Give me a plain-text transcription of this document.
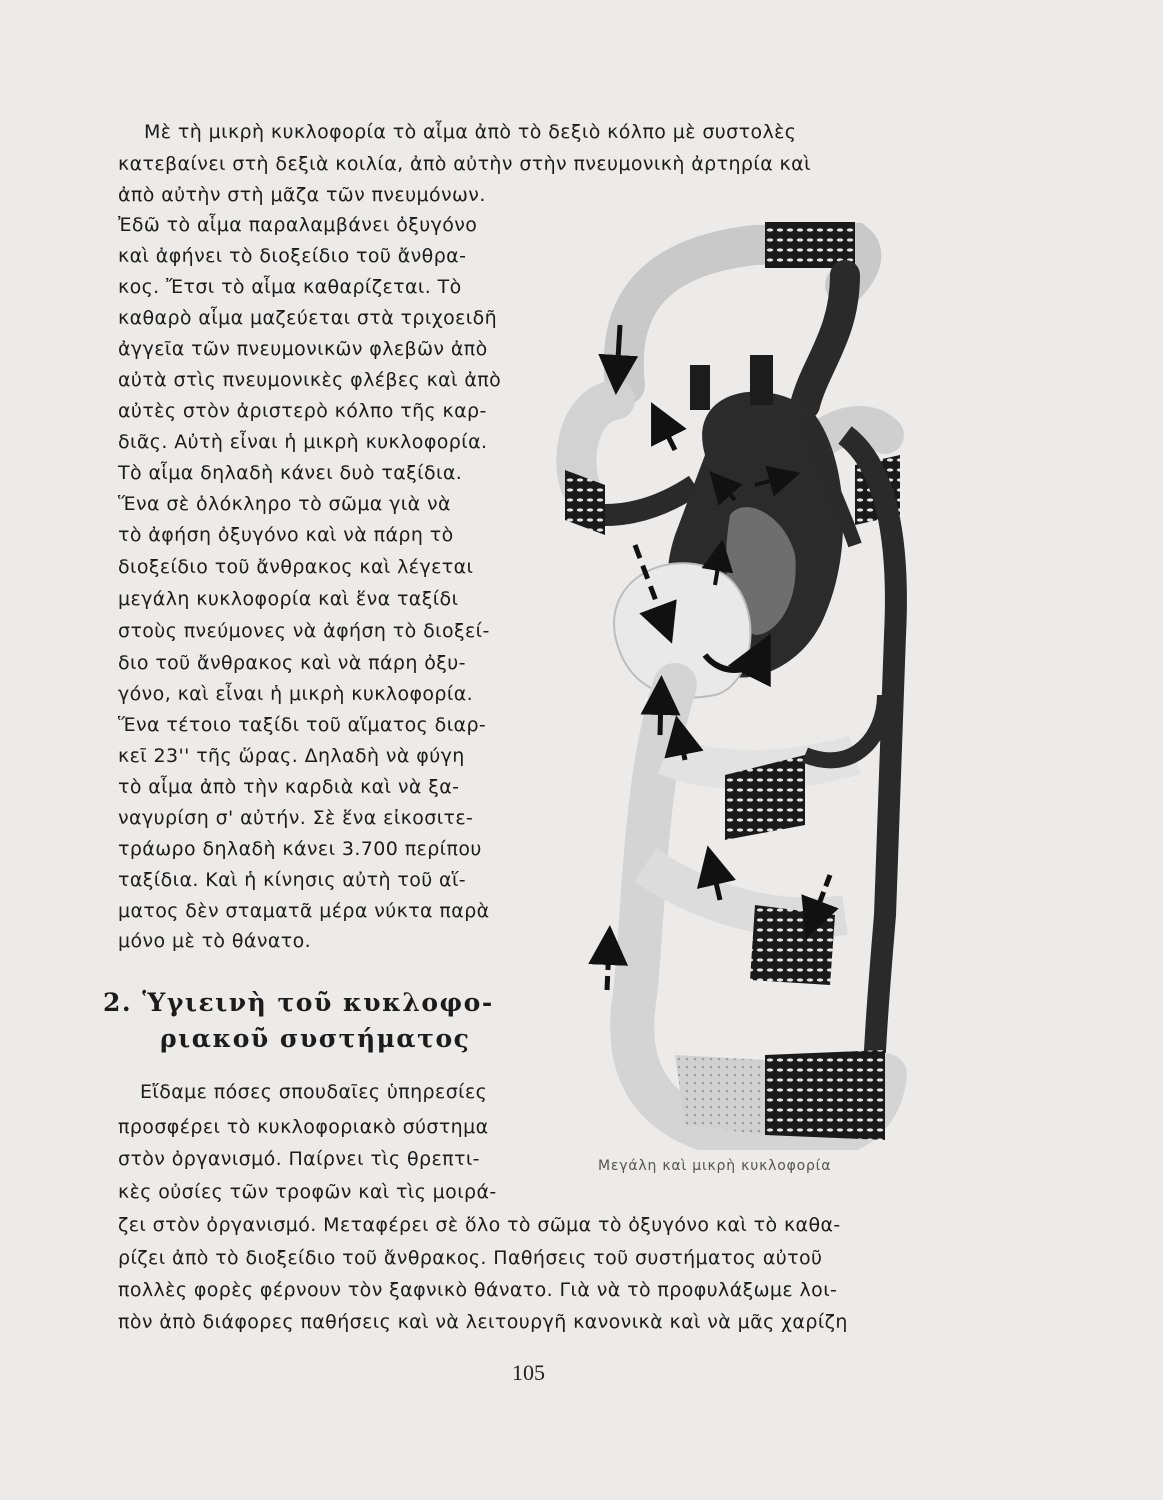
Μὲ τὴ μικρὴ κυκλοφορία τὸ αἷμα ἀπὸ τὸ δεξιὸ κόλπο μὲ συστολὲς
κατεβαίνει στὴ δεξιὰ κοιλία, ἀπὸ αὐτὴν στὴν πνευμονικὴ ἀρτηρία καὶ
ἀπὸ αὐτὴν στὴ μᾶζα τῶν πνευμόνων.
Ἐδῶ τὸ αἷμα παραλαμβάνει ὀξυγόνο
καὶ ἀφήνει τὸ διοξείδιο τοῦ ἄνθρα-
κος. Ἔτσι τὸ αἷμα καθαρίζεται. Τὸ
καθαρὸ αἷμα μαζεύεται στὰ τριχοειδῆ
ἀγγεῖα τῶν πνευμονικῶν φλεβῶν ἀπὸ
αὐτὰ στὶς πνευμονικὲς φλέβες καὶ ἀπὸ
αὐτὲς στὸν ἀριστερὸ κόλπο τῆς καρ-
διᾶς. Αὐτὴ εἶναι ἡ μικρὴ κυκλοφορία.
Τὸ αἷμα δηλαδὴ κάνει δυὸ ταξίδια.
Ἕνα σὲ ὁλόκληρο τὸ σῶμα γιὰ νὰ
τὸ ἀφήση ὀξυγόνο καὶ νὰ πάρη τὸ
διοξείδιο τοῦ ἄνθρακος καὶ λέγεται
μεγάλη κυκλοφορία καὶ ἕνα ταξίδι
στοὺς πνεύμονες νὰ ἀφήση τὸ διοξεί-
διο τοῦ ἄνθρακος καὶ νὰ πάρη ὀξυ-
γόνο, καὶ εἶναι ἡ μικρὴ κυκλοφορία.
Ἕνα τέτοιο ταξίδι τοῦ αἵματος διαρ-
κεῖ 23'' τῆς ὥρας. Δηλαδὴ νὰ φύγη
τὸ αἷμα ἀπὸ τὴν καρδιὰ καὶ νὰ ξα-
ναγυρίση σ' αὐτήν. Σὲ ἕνα εἰκοσιτε-
τράωρο δηλαδὴ κάνει 3.700 περίπου
ταξίδια. Καὶ ἡ κίνησις αὐτὴ τοῦ αἵ-
ματος δὲν σταματᾶ μέρα νύκτα παρὰ
μόνο μὲ τὸ θάνατο.
2. Ὑγιεινὴ τοῦ κυκλοφο-
ριακοῦ συστήματος
Εἴδαμε πόσες σπουδαῖες ὑπηρεσίες
προσφέρει τὸ κυκλοφοριακὸ σύστημα
στὸν ὀργανισμό. Παίρνει τὶς θρεπτι-
κὲς οὐσίες τῶν τροφῶν καὶ τὶς μοιρά-
ζει στὸν ὀργανισμό. Μεταφέρει σὲ ὅλο τὸ σῶμα τὸ ὀξυγόνο καὶ τὸ καθα-
ρίζει ἀπὸ τὸ διοξείδιο τοῦ ἄνθρακος. Παθήσεις τοῦ συστήματος αὐτοῦ
πολλὲς φορὲς φέρνουν τὸν ξαφνικὸ θάνατο. Γιὰ νὰ τὸ προφυλάξωμε λοι-
πὸν ἀπὸ διάφορες παθήσεις καὶ νὰ λειτουργῆ κανονικὰ καὶ νὰ μᾶς χαρίζη
Μεγάλη καὶ μικρὴ κυκλοφορία
105
